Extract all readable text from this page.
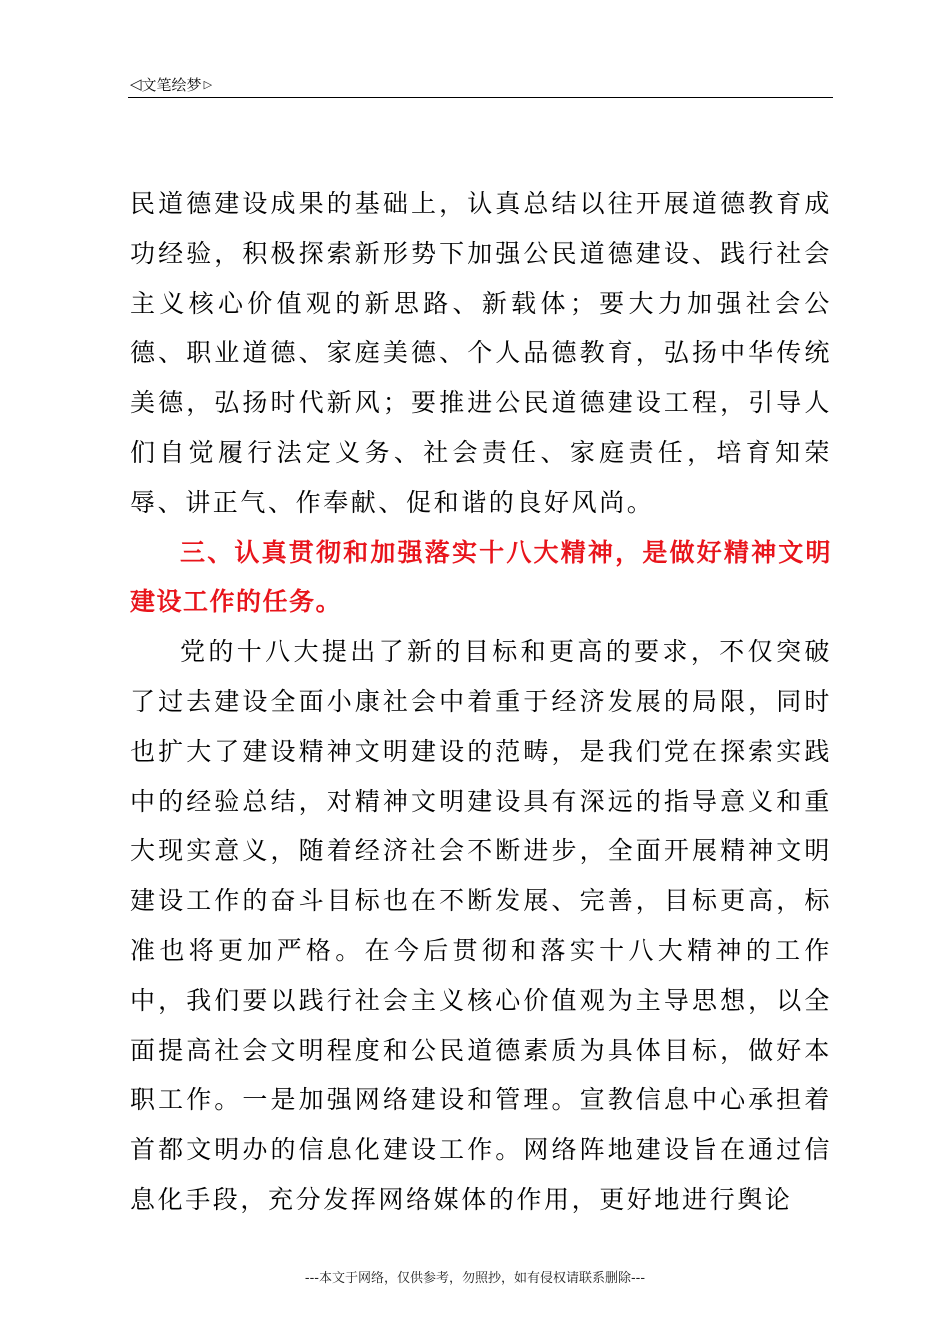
◁ 文笔绘梦 ▷

民道德建设成果的基础上，认真总结以往开展道德教育成功经验，积极探索新形势下加强公民道德建设、践行社会主义核心价值观的新思路、新载体；要大力加强社会公德、职业道德、家庭美德、个人品德教育，弘扬中华传统美德，弘扬时代新风；要推进公民道德建设工程，引导人们自觉履行法定义务、社会责任、家庭责任，培育知荣辱、讲正气、作奉献、促和谐的良好风尚。

三、认真贯彻和加强落实十八大精神，是做好精神文明建设工作的任务。

党的十八大提出了新的目标和更高的要求，不仅突破了过去建设全面小康社会中着重于经济发展的局限，同时也扩大了建设精神文明建设的范畴，是我们党在探索实践中的经验总结，对精神文明建设具有深远的指导意义和重大现实意义，随着经济社会不断进步，全面开展精神文明建设工作的奋斗目标也在不断发展、完善，目标更高，标准也将更加严格。在今后贯彻和落实十八大精神的工作中，我们要以践行社会主义核心价值观为主导思想，以全面提高社会文明程度和公民道德素质为具体目标，做好本职工作。一是加强网络建设和管理。宣教信息中心承担着首都文明办的信息化建设工作。网络阵地建设旨在通过信息化手段，充分发挥网络媒体的作用，更好地进行舆论

---本文于网络，仅供参考，勿照抄，如有侵权请联系删除---
